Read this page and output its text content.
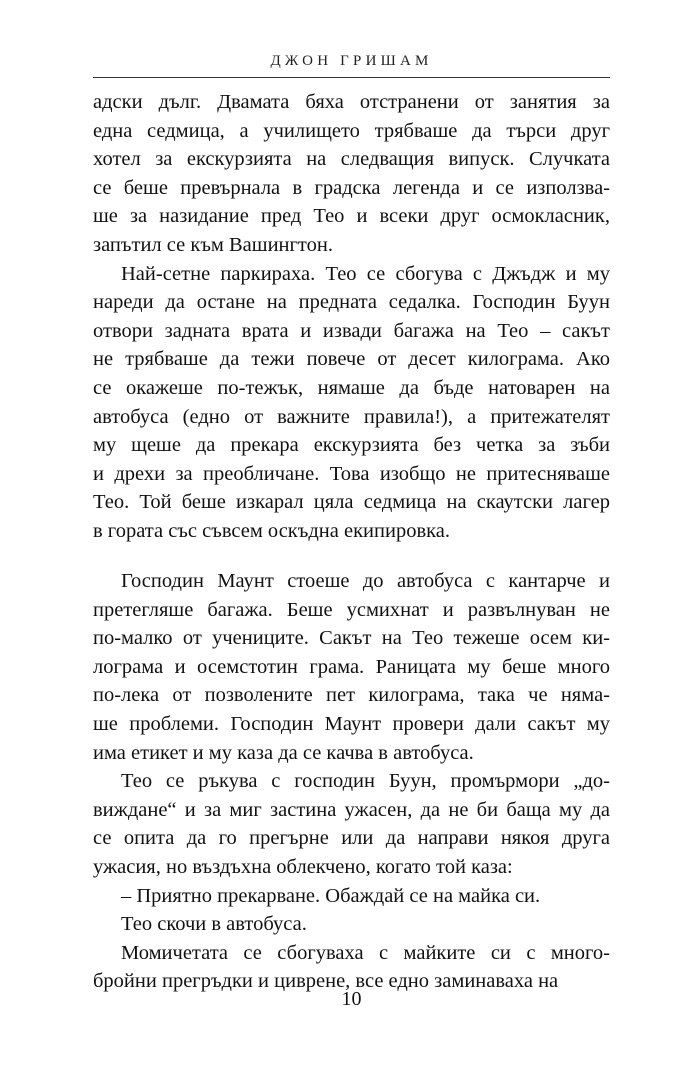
ДЖОН ГРИШАМ

адски дълг. Двамата бяха отстранени от занятия за
една седмица, а училището трябваше да търси друг
хотел за екскурзията на следващия випуск. Случката
се беше превърнала в градска легенда и се използва-
ше за назидание пред Тео и всеки друг осмокласник,
запътил се към Вашингтон.

Най-сетне паркираха. Тео се сбогува с Джъдж и му
нареди да остане на предната седалка. Господин Буун
отвори задната врата и извади багажа на Тео – сакът
не трябваше да тежи повече от десет килограма. Ако
се окажеше по-тежък, нямаше да бъде натоварен на
автобуса (едно от важните правила!), а притежателят
му щеше да прекара екскурзията без четка за зъби
и дрехи за преобличане. Това изобщо не притесняваше
Тео. Той беше изкарал цяла седмица на скаутски лагер
в гората със съвсем оскъдна екипировка.

Господин Маунт стоеше до автобуса с кантарче и
претегляше багажа. Беше усмихнат и развълнуван не
по-малко от учениците. Сакът на Тео тежеше осем ки-
лограма и осемстотин грама. Раницата му беше много
по-лека от позволените пет килограма, така че няма-
ше проблеми. Господин Маунт провери дали сакът му
има етикет и му каза да се качва в автобуса.

Тео се ръкува с господин Буун, промърмори „до-
виждане“ и за миг застина ужасен, да не би баща му да
се опита да го прегърне или да направи някоя друга
ужасия, но въздъхна облекчено, когато той каза:

– Приятно прекарване. Обаждай се на майка си.

Тео скочи в автобуса.

Момичетата се сбогуваха с майките си с много-
бройни прегръдки и цивренe, все едно заминаваха на

10
